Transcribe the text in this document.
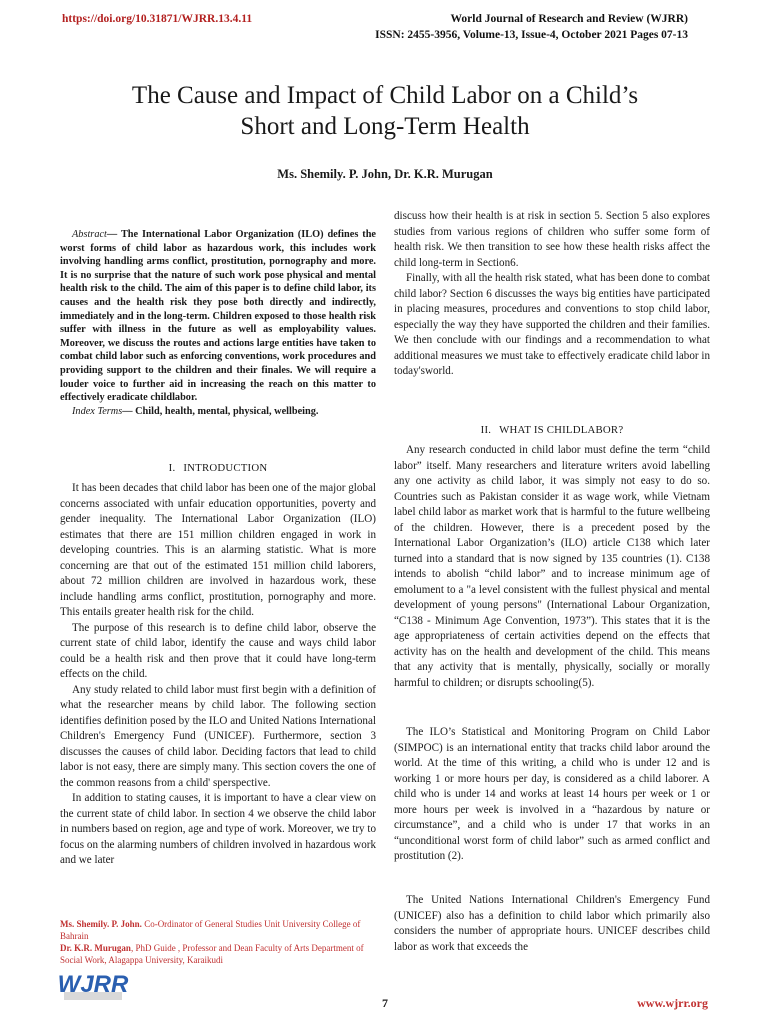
https://doi.org/10.31871/WJRR.13.4.11	World Journal of Research and Review (WJRR)
ISSN: 2455-3956, Volume-13, Issue-4, October 2021 Pages 07-13
The Cause and Impact of Child Labor on a Child’s
Short and Long-Term Health
Ms. Shemily. P. John, Dr. K.R. Murugan

Abstract— The International Labor Organization (ILO) defines the worst forms of child labor as hazardous work, this includes work involving handling arms conflict, prostitution, pornography and more. It is no surprise that the nature of such work pose physical and mental health risk to the child. The aim of this paper is to define child labor, its causes and the health risk they pose both directly and indirectly, immediately and in the long-term. Children exposed to those health risk suffer with illness in the future as well as employability values. Moreover, we discuss the routes and actions large entities have taken to combat child labor such as enforcing conventions, work procedures and providing support to the children and their finales. We will require a louder voice to further aid in increasing the reach on this matter to effectively eradicate childlabor.

Index Terms— Child, health, mental, physical, wellbeing.

I. INTRODUCTION

It has been decades that child labor has been one of the major global concerns associated with unfair education opportunities, poverty and gender inequality. The International Labor Organization (ILO) estimates that there are 151 million children engaged in work in developing countries. This is an alarming statistic. What is more concerning are that out of the estimated 151 million child laborers, about 72 million children are involved in hazardous work, these include handling arms conflict, prostitution, pornography and more. This entails greater health risk for the child.

The purpose of this research is to define child labor, observe the current state of child labor, identify the cause and ways child labor could be a health risk and then prove that it could have long-term effects on the child.

Any study related to child labor must first begin with a definition of what the researcher means by child labor. The following section identifies definition posed by the ILO and United Nations International Children's Emergency Fund (UNICEF). Furthermore, section 3 discusses the causes of child labor. Deciding factors that lead to child labor is not easy, there are simply many. This section covers the one of the common reasons from a child' sperspective.

In addition to stating causes, it is important to have a clear view on the current state of child labor. In section 4 we observe the child labor in numbers based on region, age and type of work. Moreover, we try to focus on the alarming numbers of children involved in hazardous work and we later

discuss how their health is at risk in section 5. Section 5 also explores studies from various regions of children who suffer some form of health risk. We then transition to see how these health risks affect the child long-term in Section6.

Finally, with all the health risk stated, what has been done to combat child labor? Section 6 discusses the ways big entities have participated in placing measures, procedures and conventions to stop child labor, especially the way they have supported the children and their families. We then conclude with our findings and a recommendation to what additional measures we must take to effectively eradicate child labor in today'sworld.

II. WHAT IS CHILDLABOR?

Any research conducted in child labor must define the term “child labor” itself. Many researchers and literature writers avoid labelling any one activity as child labor, it was simply not easy to do so. Countries such as Pakistan consider it as wage work, while Vietnam label child labor as market work that is harmful to the future wellbeing of the children. However, there is a precedent posed by the International Labor Organization’s (ILO) article C138 which later turned into a standard that is now signed by 135 countries (1). C138 intends to abolish “child labor” and to increase minimum age of emolument to a "a level consistent with the fullest physical and mental development of young persons" (International Labour Organization, “C138 - Minimum Age Convention, 1973”). This states that it is the age appropriateness of certain activities depend on the effects that activity has on the health and development of the child. This means that any activity that is mentally, physically, socially or morally harmful to children; or disrupts schooling(5).

The ILO’s Statistical and Monitoring Program on Child Labor (SIMPOC) is an international entity that tracks child labor around the world. At the time of this writing, a child who is under 12 and is working 1 or more hours per day, is considered as a child laborer. A child who is under 14 and works at least 14 hours per week or 1 or more hours per week is involved in a “hazardous by nature or circumstance”, and a child who is under 17 that works in an “unconditional worst form of child labor” such as armed conflict and prostitution (2).

The United Nations International Children's Emergency Fund (UNICEF) also has a definition to child labor which primarily also considers the number of appropriate hours. UNICEF describes child labor as work that exceeds the

Ms. Shemily. P. John. Co-Ordinator of General Studies Unit University College of Bahrain
Dr. K.R. Murugan, PhD Guide , Professor and Dean Faculty of Arts Department of Social Work, Alagappa University, Karaikudi
WJRR
7	www.wjrr.org
